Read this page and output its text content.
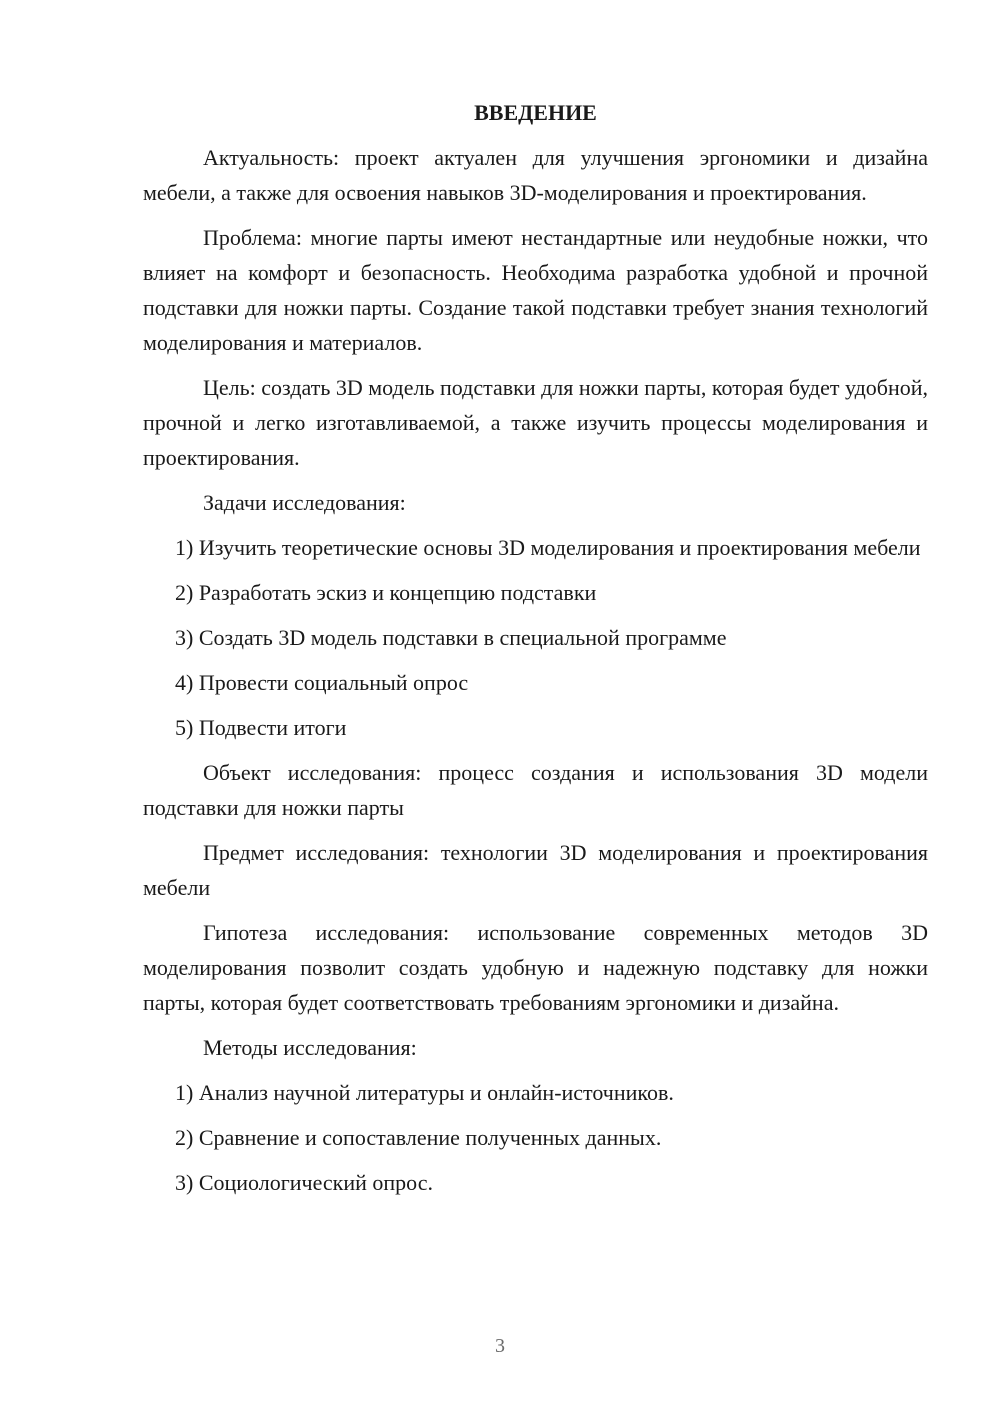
ВВЕДЕНИЕ

Актуальность: проект актуален для улучшения эргономики и дизайна мебели, а также для освоения навыков 3D-моделирования и проектирования.

Проблема: многие парты имеют нестандартные или неудобные ножки, что влияет на комфорт и безопасность. Необходима разработка удобной и прочной подставки для ножки парты. Создание такой подставки требует знания технологий моделирования и материалов.

Цель: создать 3D модель подставки для ножки парты, которая будет удобной, прочной и легко изготавливаемой, а также изучить процессы моделирования и проектирования.

Задачи исследования:

1) Изучить теоретические основы 3D моделирования и проектирования мебели

2) Разработать эскиз и концепцию подставки

3) Создать 3D модель подставки в специальной программе

4) Провести социальный опрос

5) Подвести итоги

Объект исследования: процесс создания и использования 3D модели подставки для ножки парты

Предмет исследования: технологии 3D моделирования и проектирования мебели

Гипотеза исследования: использование современных методов 3D моделирования позволит создать удобную и надежную подставку для ножки парты, которая будет соответствовать требованиям эргономики и дизайна.

Методы исследования:

1) Анализ научной литературы и онлайн-источников.

2) Сравнение и сопоставление полученных данных.

3) Социологический опрос.

3
